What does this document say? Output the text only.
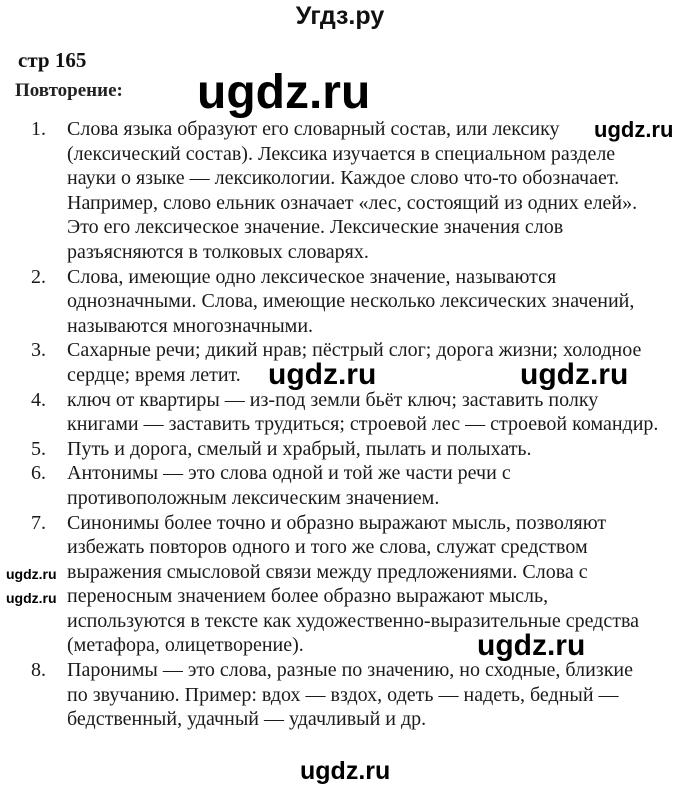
Угдз.ру
стр 165
Повторение:
1. Слова языка образуют его словарный состав, или лексику
(лексический состав). Лексика изучается в специальном разделе
науки о языке — лексикологии. Каждое слово что-то обозначает.
Например, слово ельник означает «лес, состоящий из одних елей».
Это его лексическое значение. Лексические значения слов
разъясняются в толковых словарях.
2. Слова, имеющие одно лексическое значение, называются
однозначными. Слова, имеющие несколько лексических значений,
называются многозначными.
3. Сахарные речи; дикий нрав; пёстрый слог; дорога жизни; холодное
сердце; время летит.
4. ключ от квартиры — из-под земли бьёт ключ; заставить полку
книгами — заставить трудиться; строевой лес — строевой командир.
5. Путь и дорога, смелый и храбрый, пылать и полыхать.
6. Антонимы — это слова одной и той же части речи с
противоположным лексическим значением.
7. Синонимы более точно и образно выражают мысль, позволяют
избежать повторов одного и того же слова, служат средством
выражения смысловой связи между предложениями. Слова с
переносным значением более образно выражают мысль,
используются в тексте как художественно-выразительные средства
(метафора, олицетворение).
8. Паронимы — это слова, разные по значению, но сходные, близкие
по звучанию. Пример: вдох — вздох, одеть — надеть, бедный —
бедственный, удачный — удачливый и др.
ugdz.ru
ugdz.ru
ugdz.ru	ugdz.ru
ugdz.ru
ugdz.ru
ugdz.ru
ugdz.ru
